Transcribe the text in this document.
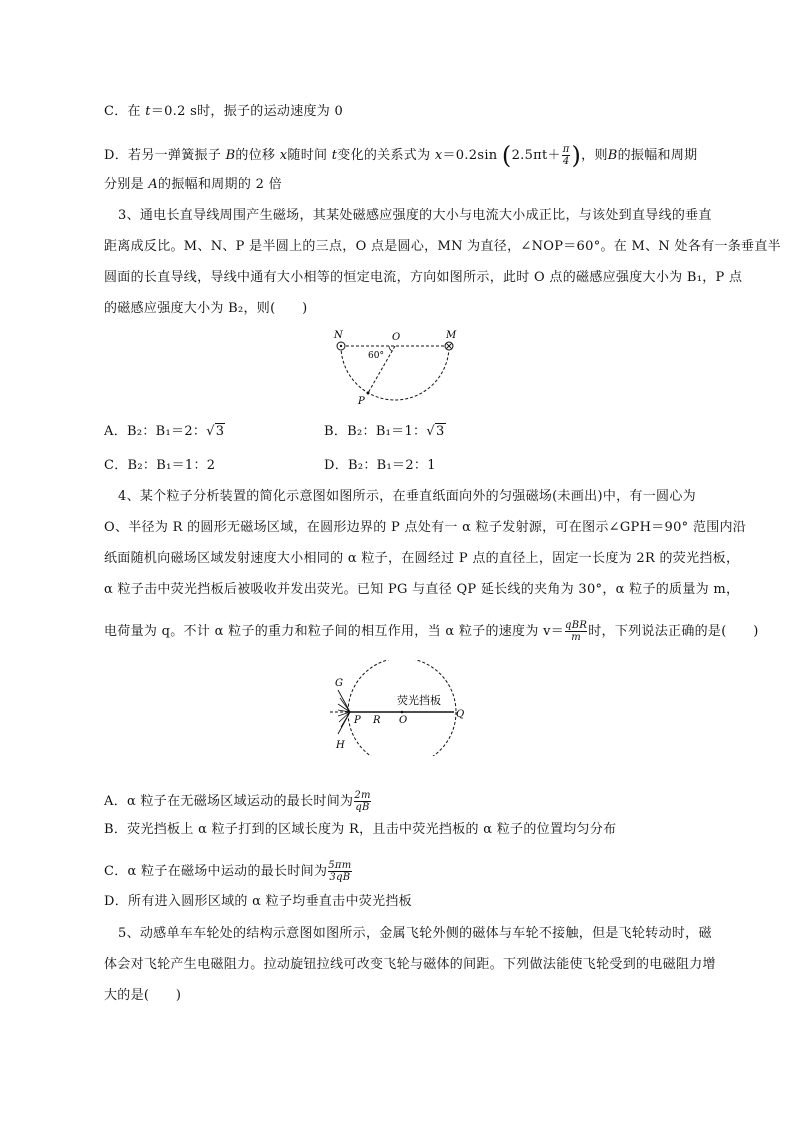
C．在 t＝0.2 s时，振子的运动速度为 0
D．若另一弹簧振子 B的位移 x随时间 t变化的关系式为 x＝0.2sin ($2.5\pi t+ \frac{\pi}{4}$ )，则B的振幅和周期
分别是 A的振幅和周期的 2 倍
3、通电长直导线周围产生磁场，其某处磁感应强度的大小与电流大小成正比，与该处到直导线的垂直
距离成反比。M、N、P 是半圆上的三点，O 点是圆心，MN 为直径，∠NOP＝60°。在 M、N 处各有一条垂直半
圆面的长直导线，导线中通有大小相等的恒定电流，方向如图所示，此时 O 点的磁感应强度大小为 B₁，P 点
的磁感应强度大小为 B₂，则(　　)
N	O	M
60°
P
A．B₂：B₁＝2：√3	B．B₂：B₁＝1：√3
C．B₂：B₁＝1：2	D．B₂：B₁＝2：1
4、某个粒子分析装置的简化示意图如图所示，在垂直纸面向外的匀强磁场(未画出)中，有一圆心为
O、半径为 R 的圆形无磁场区域，在圆形边界的 P 点处有一 α 粒子发射源，可在图示∠GPH＝90° 范围内沿
纸面随机向磁场区域发射速度大小相同的 α 粒子，在圆经过 P 点的直径上，固定一长度为 2R 的荧光挡板，
α 粒子击中荧光挡板后被吸收并发出荧光。已知 PG 与直径 QP 延长线的夹角为 30°，α 粒子的质量为 m，
电荷量为 q。不计 α 粒子的重力和粒子间的相互作用，当 α 粒子的速度为 $v= \frac{\text{qBR}}{m}$ 时，下列说法正确的是(　　)
G
H
P R O
Q
荧光挡板
A．α 粒子在无磁场区域运动的最长时间为 $\frac{2m}{qB}$
B．荧光挡板上 α 粒子打到的区域长度为 R，且击中荧光挡板的 α 粒子的位置均匀分布
C．α 粒子在磁场中运动的最长时间为 $\frac{5\pi m}{3qB}$
D．所有进入圆形区域的 α 粒子均垂直击中荧光挡板
5、动感单车车轮处的结构示意图如图所示，金属飞轮外侧的磁体与车轮不接触，但是飞轮转动时，磁
体会对飞轮产生电磁阻力。拉动旋钮拉线可改变飞轮与磁体的间距。下列做法能使飞轮受到的电磁阻力增
大的是(　　)
